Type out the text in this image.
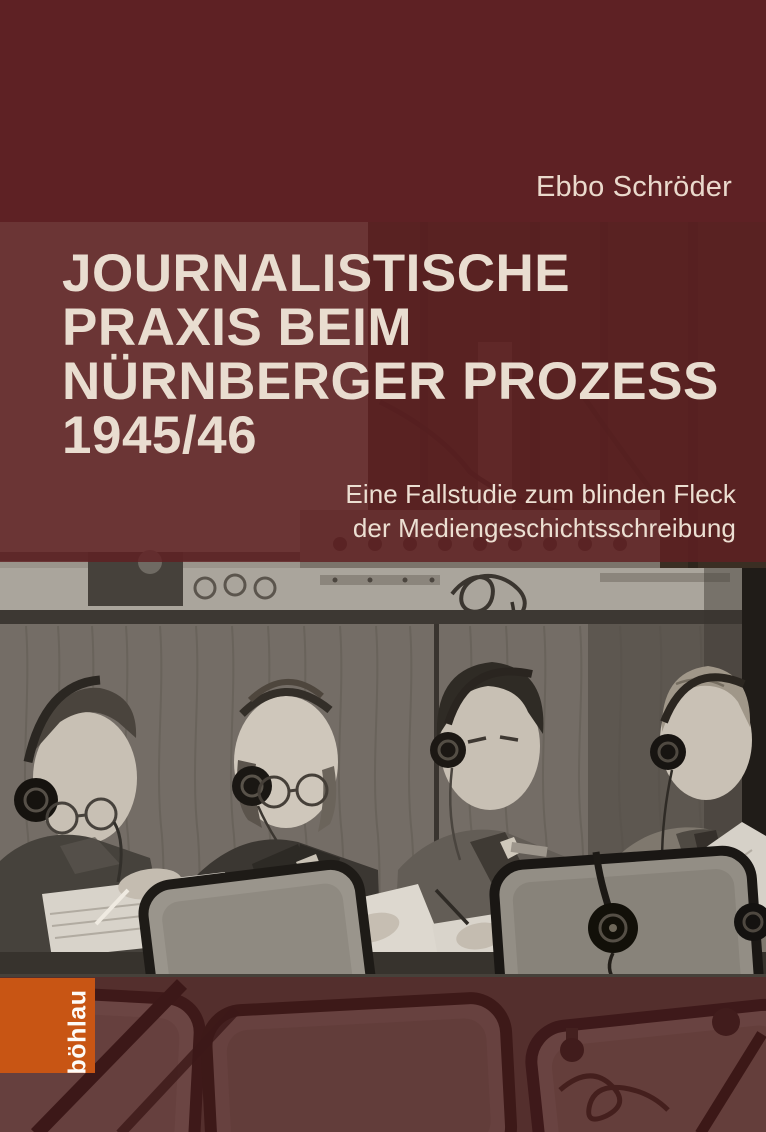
Ebbo Schröder
JOURNALISTISCHE
PRAXIS BEIM
NÜRNBERGER PROZESS
1945/46
Eine Fallstudie zum blinden Fleck
der Mediengeschichtsschreibung
böhlau
